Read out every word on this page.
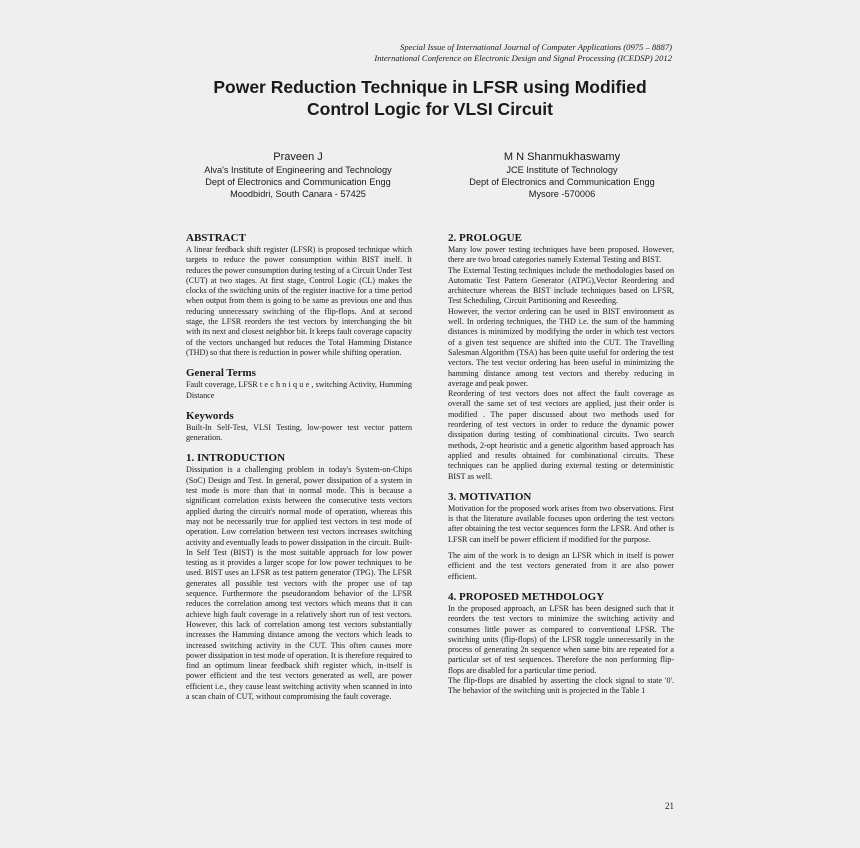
Special Issue of International Journal of Computer Applications (0975 – 8887)
International Conference on Electronic Design and Signal Processing (ICEDSP) 2012
Power Reduction Technique in LFSR using Modified
Control Logic for VLSI Circuit
Praveen J
Alva's Institute of Engineering and Technology
Dept of Electronics and Communication Engg
Moodbidri, South Canara - 57425
M N Shanmukhaswamy
JCE Institute of Technology
Dept of Electronics and Communication Engg
Mysore -570006
ABSTRACT

A linear feedback shift register (LFSR) is proposed technique which targets to reduce the power consumption within BIST itself. It reduces the power consumption during testing of a Circuit Under Test (CUT) at two stages. At first stage, Control Logic (CL) makes the clocks of the switching units of the register inactive for a time period when output from them is going to be same as previous one and thus reducing unnecessary switching of the flip-flops. And at second stage, the LFSR reorders the test vectors by interchanging the bit with its next and closest neighbor bit. It keeps fault coverage capacity of the vectors unchanged but reduces the Total Hamming Distance (THD) so that there is reduction in power while shifting operation.

General Terms

Fault coverage, LFSR t e c h n i q u e , switching Activity, Humming Distance

Keywords

Built-In Self-Test, VLSI Testing, low-power test vector pattern generation.

1. INTRODUCTION

Dissipation is a challenging problem in today's System-on-Chips (SoC) Design and Test. In general, power dissipation of a system in test mode is more than that in normal mode. This is because a significant correlation exists between the consecutive tests vectors applied during the circuit's normal mode of operation, whereas this may not be necessarily true for applied test vectors in test mode of operation. Low correlation between test vectors increases switching activity and eventually leads to power dissipation in the circuit. Built-In Self Test (BIST) is the most suitable approach for low power testing as it provides a larger scope for low power techniques to be used. BIST uses an LFSR as test pattern generator (TPG). The LFSR generates all possible test vectors with the proper use of tap sequence. Furthermore the pseudorandom behavior of the LFSR reduces the correlation among test vectors which means that it can achieve high fault coverage in a relatively short run of test vectors. However, this lack of correlation among test vectors substantially increases the Hamming distance among the vectors which leads to increased switching activity in the CUT. This often causes more power dissipation in test mode of operation. It is therefore required to find an optimum linear feedback shift register which, in-itself is power efficient and the test vectors generated as well, are power efficient i.e., they cause least switching activity when scanned in into a scan chain of CUT, without compromising the fault coverage.

2. PROLOGUE

Many low power testing techniques have been proposed. However, there are two broad categories namely External Testing and BIST.

The External Testing techniques include the methodologies based on Automatic Test Pattern Generator (ATPG),Vector Reordering and architecture whereas the BIST include techniques based on LFSR, Test Scheduling, Circuit Partitioning and Reseeding.

However, the vector ordering can be used in BIST environment as well. In ordering techniques, the THD i.e. the sum of the hamming distances is minimized by modifying the order in which test vectors of a given test sequence are shifted into the CUT. The Travelling Salesman Algorithm (TSA) has been quite useful for ordering the test vectors. The test vector ordering has been useful in minimizing the hamming distance among test vectors and thereby reducing in average and peak power.

Reordering of test vectors does not affect the fault coverage as overall the same set of test vectors are applied, just their order is modified . The paper discussed about two methods used for reordering of test vectors in order to reduce the dynamic power dissipation during testing of combinational circuits. Two search methods, 2-opt heuristic and a genetic algorithm based approach has applied and results obtained for combinational circuits. These techniques can be applied during external testing or deterministic BIST as well.

3. MOTIVATION

Motivation for the proposed work arises from two observations. First is that the literature available focuses upon ordering the test vectors after obtaining the test vector sequences form the LFSR. And other is LFSR can itself be power efficient if modified for the purpose.

The aim of the work is to design an LFSR which in itself is power efficient and the test vectors generated from it are also power efficient.

4. PROPOSED METHDOLOGY

In the proposed approach, an LFSR has been designed such that it reorders the test vectors to minimize the switching activity and consumes little power as compared to conventional LFSR. The switching units (flip-flops) of the LFSR toggle unnecessarily in the process of generating 2n sequence when same bits are repeated for a particular set of test sequences. Therefore the non performing flip-flops are disabled for a particular time period.

The flip-flops are disabled by asserting the clock signal to state '0'. The behavior of the switching unit is projected in the Table 1

21
